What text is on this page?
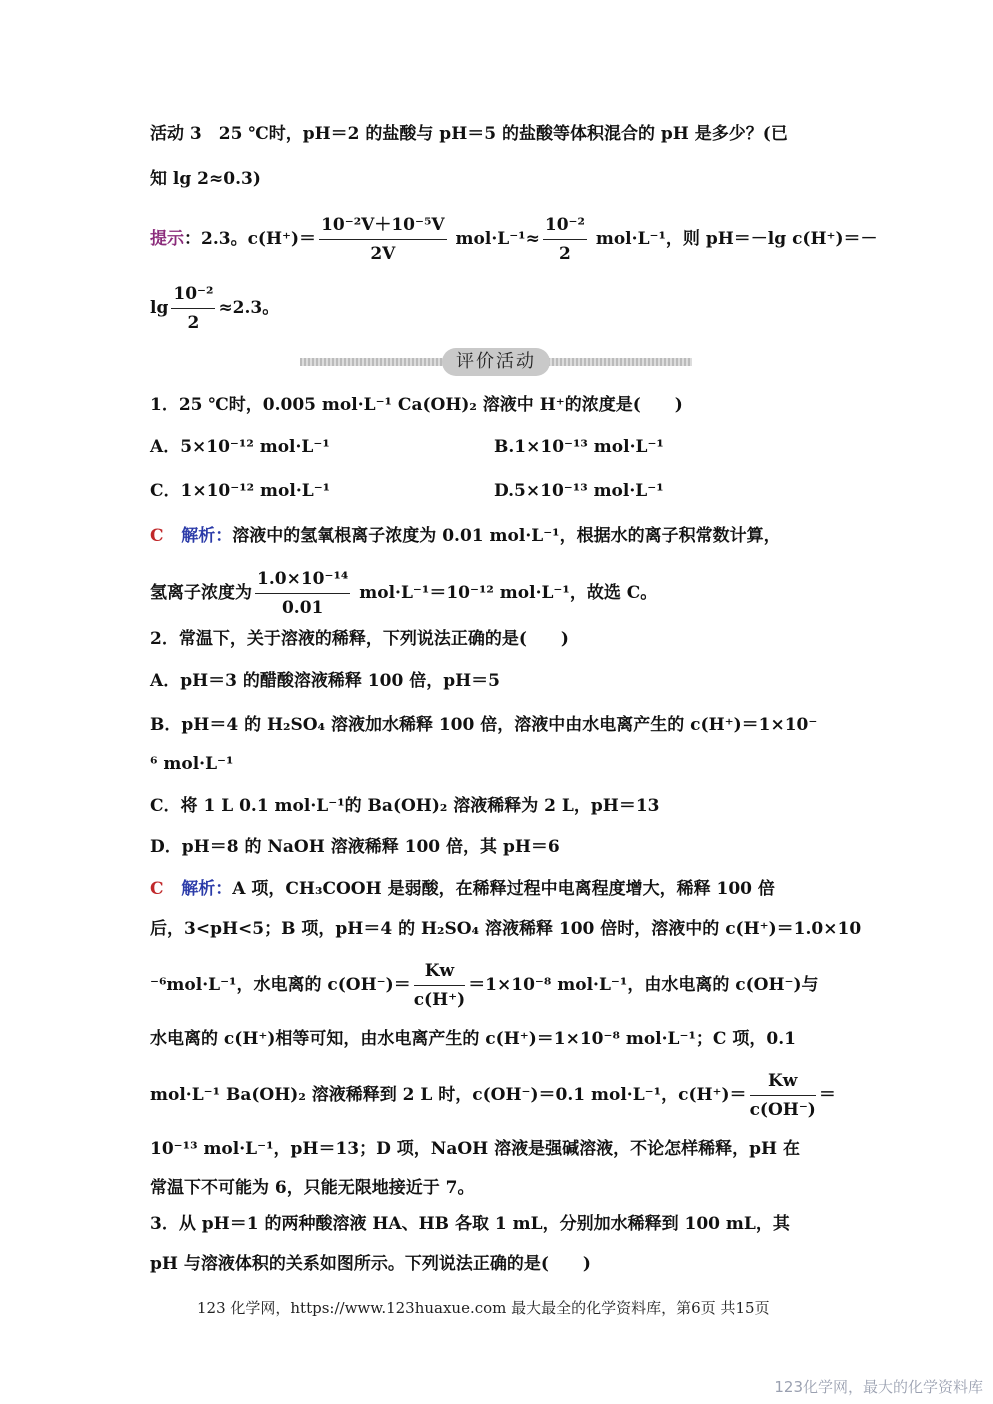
活动 3　25 ℃时，pH＝2 的盐酸与 pH＝5 的盐酸等体积混合的 pH 是多少？(已
知 lg 2≈0.3)
提示：2.3。$c(H^+)= \frac{\text{10⁻²V＋10⁻⁵V}}{2V} mol\cdot L^{-1}\approx \frac{\text{10⁻²}}{2} mol\cdot L^{-1}$，则 pH＝－lg c(H⁺)＝－
$\lg \frac{\text{10⁻²}}{2} \approx 2.3$。
评价活动
1．25 ℃时，0.005 mol·L⁻¹ Ca(OH)₂ 溶液中 H⁺的浓度是(　　)
A．5×10⁻¹² mol·L⁻¹	B.1×10⁻¹³ mol·L⁻¹
C．1×10⁻¹² mol·L⁻¹	D.5×10⁻¹³ mol·L⁻¹
C 解析：溶液中的氢氧根离子浓度为 0.01 mol·L⁻¹，根据水的离子积常数计算，
氢离子浓度为 $\frac{\text{1.0×10⁻¹⁴}}{0.01} mol\cdot L^{-1}=10^{-12}$ mol·L⁻¹，故选 C。
2．常温下，关于溶液的稀释，下列说法正确的是(　　)
A．pH＝3 的醋酸溶液稀释 100 倍，pH＝5
B．pH＝4 的 H₂SO₄ 溶液加水稀释 100 倍，溶液中由水电离产生的 c(H⁺)＝1×10⁻
⁶ mol·L⁻¹
C．将 1 L 0.1 mol·L⁻¹的 Ba(OH)₂ 溶液稀释为 2 L，pH＝13
D．pH＝8 的 NaOH 溶液稀释 100 倍，其 pH＝6
C 解析：A 项，CH₃COOH 是弱酸，在稀释过程中电离程度增大，稀释 100 倍
后，3<pH<5；B 项，pH＝4 的 H₂SO₄ 溶液稀释 100 倍时，溶液中的 c(H⁺)＝1.0×10
⁻⁶mol·L⁻¹，水电离的 $c(OH^-)= \frac{Kw}{c(H^+)} =1\times 10^{-8}$ mol·L⁻¹，由水电离的 c(OH⁻)与
水电离的 c(H⁺)相等可知，由水电离产生的 c(H⁺)＝1×10⁻⁸ mol·L⁻¹；C 项，0.1
mol·L⁻¹ Ba(OH)₂ 溶液稀释到 2 L 时，c(OH⁻)＝0.1 mol·L⁻¹，$c(H^+)= \frac{Kw}{c(OH^-)}$ ＝
10⁻¹³ mol·L⁻¹，pH＝13；D 项，NaOH 溶液是强碱溶液，不论怎样稀释，pH 在
常温下不可能为 6，只能无限地接近于 7。
3．从 pH＝1 的两种酸溶液 HA、HB 各取 1 mL，分别加水稀释到 100 mL，其
pH 与溶液体积的关系如图所示。下列说法正确的是(　　)
123 化学网，https://www.123huaxue.com 最大最全的化学资料库，第6页 共15页
123化学网，最大的化学资料库
